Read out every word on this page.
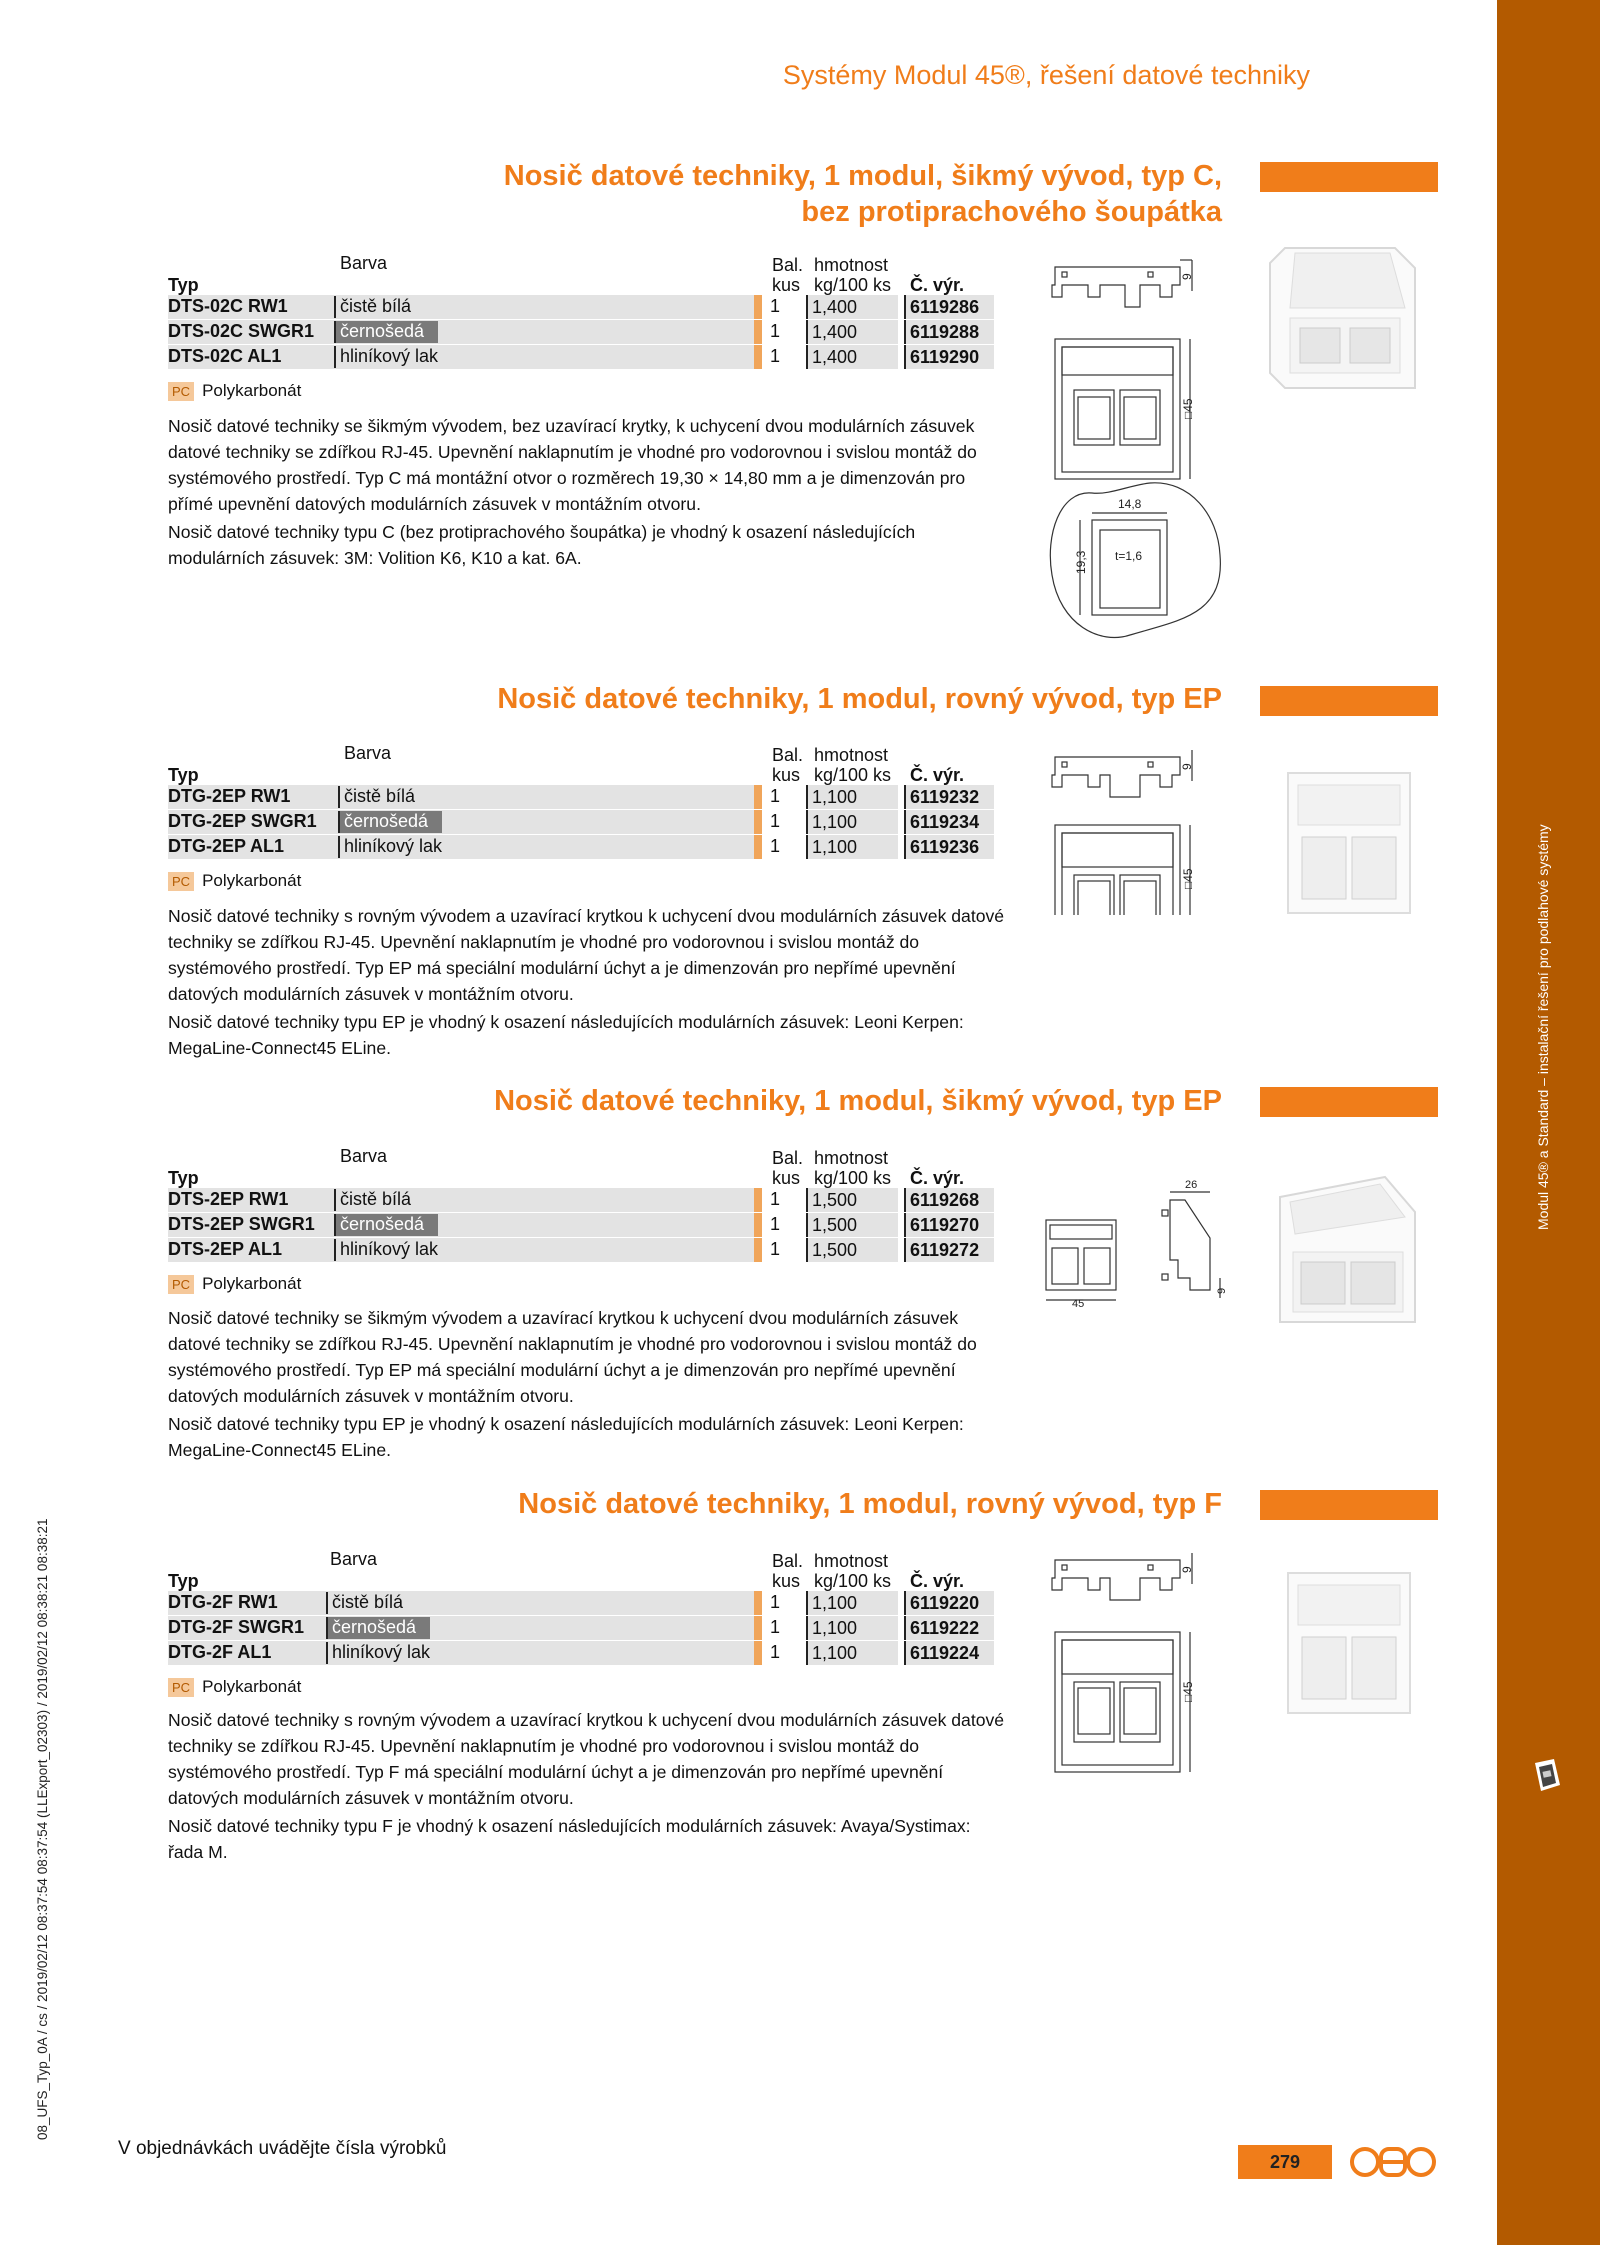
Modul 45® a Standard – instalační řešení pro podlahové systémy
08_UFS_Typ_0A / cs / 2019/02/12 08:37:54 08:37:54 (LLExport_02303) / 2019/02/12 08:38:21 08:38:21
Systémy Modul 45®, řešení datové techniky
Nosič datové techniky, 1 modul, šikmý vývod, typ C,
bez protiprachového šoupátka
Barva
Typ
Bal.
kus
hmotnost
kg/100 ks Č. výr.
DTS-02C RW1	čistě bílá	1	1,400	6119286
DTS-02C SWGR1	černošedá	1	1,400	6119288
DTS-02C AL1	hliníkový lak	1	1,400	6119290
PC Polykarbonát

Nosič datové techniky se šikmým vývodem, bez uzavírací krytky, k uchycení dvou modulárních zásuvek datové techniky se zdířkou RJ-45. Upevnění naklapnutím je vhodné pro vodorovnou i svislou montáž do systémového prostředí. Typ C má montážní otvor o rozměrech 19,30 × 14,80 mm a je dimenzován pro přímé upevnění datových modulárních zásuvek v montážním otvoru.

Nosič datové techniky typu C (bez protiprachového šoupátka) je vhodný k osazení následujících modulárních zásuvek: 3M: Volition K6, K10 a kat. 6A.

9
□45
14,8
19,3 t=1,6
Nosič datové techniky, 1 modul, rovný vývod, typ EP
Barva
Typ
Bal.
kus
hmotnost
kg/100 ks Č. výr.
DTG-2EP RW1	čistě bílá	1	1,100	6119232
DTG-2EP SWGR1	černošedá	1	1,100	6119234
DTG-2EP AL1	hliníkový lak	1	1,100	6119236
PC Polykarbonát

Nosič datové techniky s rovným vývodem a uzavírací krytkou k uchycení dvou modulárních zásuvek datové techniky se zdířkou RJ-45. Upevnění naklapnutím je vhodné pro vodorovnou i svislou montáž do systémového prostředí. Typ EP má speciální modulární úchyt a je dimenzován pro nepřímé upevnění datových modulárních zásuvek v montážním otvoru.

Nosič datové techniky typu EP je vhodný k osazení následujících modulárních zásuvek: Leoni Kerpen: MegaLine-Connect45 ELine.

9
□45
Nosič datové techniky, 1 modul, šikmý vývod, typ EP
Barva
Typ
Bal.
kus
hmotnost
kg/100 ks Č. výr.
DTS-2EP RW1	čistě bílá	1	1,500	6119268
DTS-2EP SWGR1	černošedá	1	1,500	6119270
DTS-2EP AL1	hliníkový lak	1	1,500	6119272
PC Polykarbonát

Nosič datové techniky se šikmým vývodem a uzavírací krytkou k uchycení dvou modulárních zásuvek datové techniky se zdířkou RJ-45. Upevnění naklapnutím je vhodné pro vodorovnou i svislou montáž do systémového prostředí. Typ EP má speciální modulární úchyt a je dimenzován pro nepřímé upevnění datových modulárních zásuvek v montážním otvoru.

Nosič datové techniky typu EP je vhodný k osazení následujících modulárních zásuvek: Leoni Kerpen: MegaLine-Connect45 ELine.

26
45
9
Nosič datové techniky, 1 modul, rovný vývod, typ F
Barva
Typ
Bal.
kus
hmotnost
kg/100 ks Č. výr.
DTG-2F RW1	čistě bílá	1	1,100	6119220
DTG-2F SWGR1	černošedá	1	1,100	6119222
DTG-2F AL1	hliníkový lak	1	1,100	6119224
PC Polykarbonát

Nosič datové techniky s rovným vývodem a uzavírací krytkou k uchycení dvou modulárních zásuvek datové techniky se zdířkou RJ-45. Upevnění naklapnutím je vhodné pro vodorovnou i svislou montáž do systémového prostředí. Typ F má speciální modulární úchyt a je dimenzován pro nepřímé upevnění datových modulárních zásuvek v montážním otvoru.

Nosič datové techniky typu F je vhodný k osazení následujících modulárních zásuvek: Avaya/Systimax: řada M.

9
□45
V objednávkách uvádějte čísla výrobků
279
